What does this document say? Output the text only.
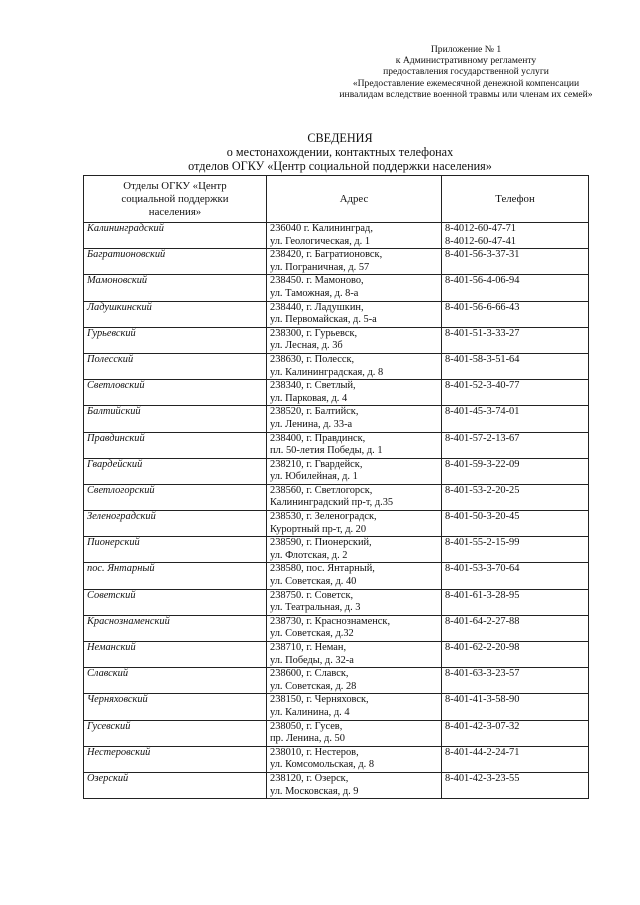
Приложение № 1
к Административному регламенту
предоставления государственной услуги
«Предоставление ежемесячной денежной компенсации
инвалидам вследствие военной травмы или членам их семей»
СВЕДЕНИЯ
о местонахождении, контактных телефонах
отделов ОГКУ «Центр социальной поддержки населения»
Отделы ОГКУ «Центр
социальной поддержки
населения»	Адрес	Телефон
Калининградский	236040 г. Калининград,
ул. Геологическая, д. 1	8-4012-60-47-71
8-4012-60-47-41

Багратионовский	238420, г. Багратионовск,
ул. Пограничная, д. 57	8-401-56-3-37-31

Мамоновский	238450. г. Мамоново,
ул. Таможная, д. 8-а	8-401-56-4-06-94

Ладушкинский	238440, г. Ладушкин,
ул. Первомайская, д. 5-а	8-401-56-6-66-43

Гурьевский	238300, г. Гурьевск,
ул. Лесная, д. 3б	8-401-51-3-33-27

Полесский	238630, г. Полесск,
ул. Калининградская, д. 8	8-401-58-3-51-64

Светловский	238340, г. Светлый,
ул. Парковая, д. 4	8-401-52-3-40-77

Балтийский	238520, г. Балтийск,
ул. Ленина, д. 33-а	8-401-45-3-74-01

Правдинский	238400, г. Правдинск,
пл. 50-летия Победы, д. 1	8-401-57-2-13-67

Гвардейский	238210, г. Гвардейск,
ул. Юбилейная, д. 1	8-401-59-3-22-09

Светлогорский	238560, г. Светлогорск,
Калининградский пр-т, д.35	8-401-53-2-20-25

Зеленоградский	238530, г. Зеленоградск,
Курортный пр-т, д. 20	8-401-50-3-20-45

Пионерский	238590, г. Пионерский,
ул. Флотская, д. 2	8-401-55-2-15-99

пос. Янтарный	238580, пос. Янтарный,
ул. Советская, д. 40	8-401-53-3-70-64

Советский	238750. г. Советск,
ул. Театральная, д. 3	8-401-61-3-28-95

Краснознаменский	238730, г. Краснознаменск,
ул. Советская, д.32	8-401-64-2-27-88

Неманский	238710, г. Неман,
ул. Победы, д. 32-а	8-401-62-2-20-98

Славский	238600, г. Славск,
ул. Советская, д. 28	8-401-63-3-23-57

Черняховский	238150, г. Черняховск,
ул. Калинина, д. 4	8-401-41-3-58-90

Гусевский	238050, г. Гусев,
пр. Ленина, д. 50	8-401-42-3-07-32

Нестеровский	238010, г. Нестеров,
ул. Комсомольская, д. 8	8-401-44-2-24-71

Озерский	238120, г. Озерск,
ул. Московская, д. 9	8-401-42-3-23-55
